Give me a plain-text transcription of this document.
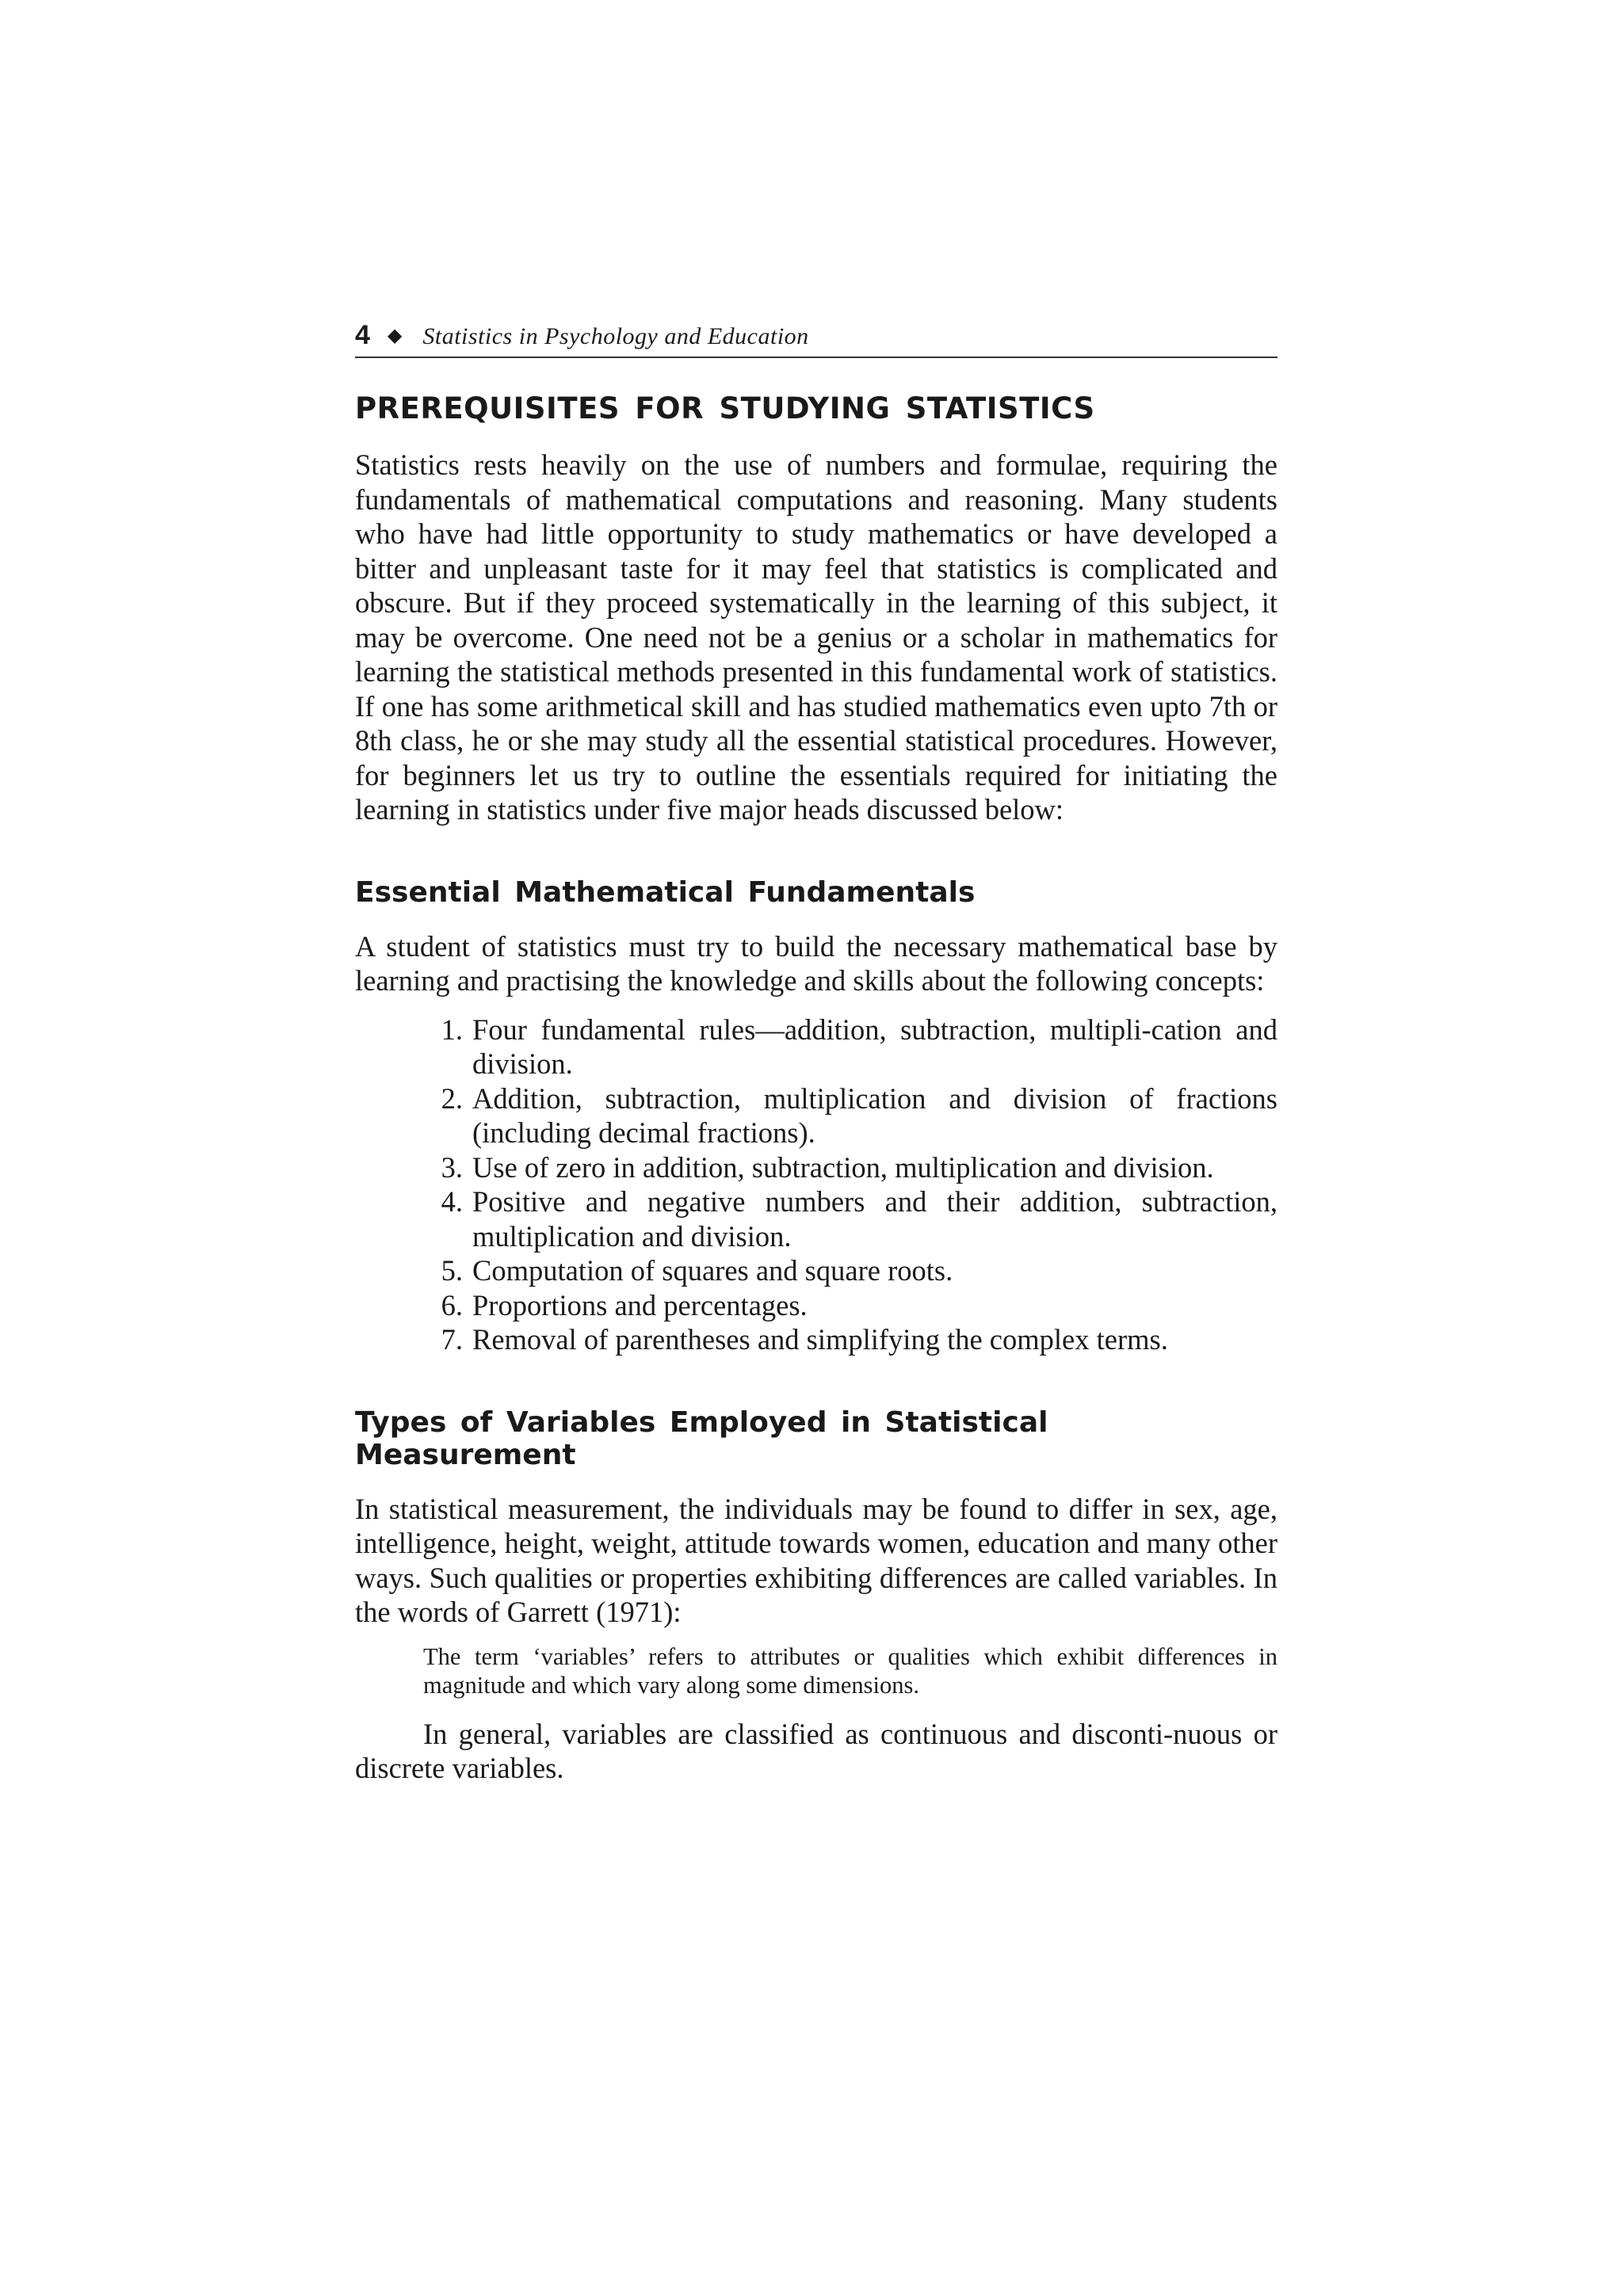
4 ◆ Statistics in Psychology and Education
PREREQUISITES FOR STUDYING STATISTICS

Statistics rests heavily on the use of numbers and formulae, requiring the fundamentals of mathematical computations and reasoning. Many students who have had little opportunity to study mathematics or have developed a bitter and unpleasant taste for it may feel that statistics is complicated and obscure. But if they proceed systematically in the learning of this subject, it may be overcome. One need not be a genius or a scholar in mathematics for learning the statistical methods presented in this fundamental work of statistics. If one has some arithmetical skill and has studied mathematics even upto 7th or 8th class, he or she may study all the essential statistical procedures. However, for beginners let us try to outline the essentials required for initiating the learning in statistics under five major heads discussed below:

Essential Mathematical Fundamentals

A student of statistics must try to build the necessary mathematical base by learning and practising the knowledge and skills about the following concepts:

1. Four fundamental rules—addition, subtraction, multipli-cation and division.
2. Addition, subtraction, multiplication and division of fractions (including decimal fractions).
3. Use of zero in addition, subtraction, multiplication and division.
4. Positive and negative numbers and their addition, subtraction, multiplication and division.
5. Computation of squares and square roots.
6. Proportions and percentages.
7. Removal of parentheses and simplifying the complex terms.
Types of Variables Employed in Statistical Measurement

In statistical measurement, the individuals may be found to differ in sex, age, intelligence, height, weight, attitude towards women, education and many other ways. Such qualities or properties exhibiting differences are called variables. In the words of Garrett (1971):

The term ‘variables’ refers to attributes or qualities which exhibit differences in magnitude and which vary along some dimensions.

In general, variables are classified as continuous and disconti-nuous or discrete variables.
